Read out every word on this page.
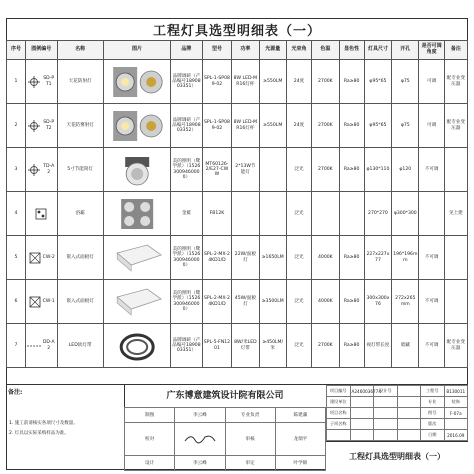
工程灯具选型明细表（一）
序号	图例编号	名称	图片	品牌	型号	功率	光源量	光束角	色温	显色性	灯具尺寸	开孔	是否可调角度	备注
1	SD-PT1	天花防射灯		品牌调研（产品编号1890803351）	SPL-1-SP089-02	8W LED-MR16灯杯	≥550LM	24度	2700K	Ra≥80	φ95*65	φ75	可调	配专业变压器
2	SD-PT2	天花防雾射灯		品牌调研（产品编号1890803352）	SPL-1-SP089-02	8W LED-MR16灯杯	≥550LM	24度	2700K	Ra≥80	φ95*65	φ75	可调	配专业变压器
3	TD-A2	5寸节能筒灯		美的照明（鹭学派）（15263009460000）	MT60126-2/E27-CWW	2*13W节能灯		泛光	2700K	Ra≥80	φ130*110	φ120	不可调	
4		浴霸		金鲨	FB12K			泛光			270*270	φ300*300		见土建
5	CW-2	嵌入式面板灯		美的照明（鹭学派）（15263009460000）	SPL-2-MX-24KD1/D	22W/面板灯	≥1650LM	泛光	4000K	Ra≥80	227x227x77	196*196mm	不可调	
6	CW-1	嵌入式面板灯		美的照明（鹭学派）（15263009460000）	SPL-2-MX-24KD1/D	45W/面板灯	≥3500LM	泛光	4000K	Ra≥80	300x300x76	272x265mm	不可调	
7	DD-A2	LED软灯带		品牌调研（产品编号1890803351）	SPL-5-FN1201	8W/米LED灯带	≥450LM/米	泛光	2700K	Ra≥80	视灯带长度	暗藏	不可调	配专业变压器
备注:
1. 施工前请核实各项尺寸及数量。
2. 灯具以实际采购样品为准。
广东博意建筑设计院有限公司
制图	李云峰	专业负责	陈建藩
校对		审核	龙瑞平
设计	李云峰	审定	叶学锦
项目编号	A2460036774	设计号		工程号	B130011
建设单位				专业	装饰
项目名称				图号	F-07a
子项名称				版次	
				日期	2016.09
工程灯具选型明细表（一）
